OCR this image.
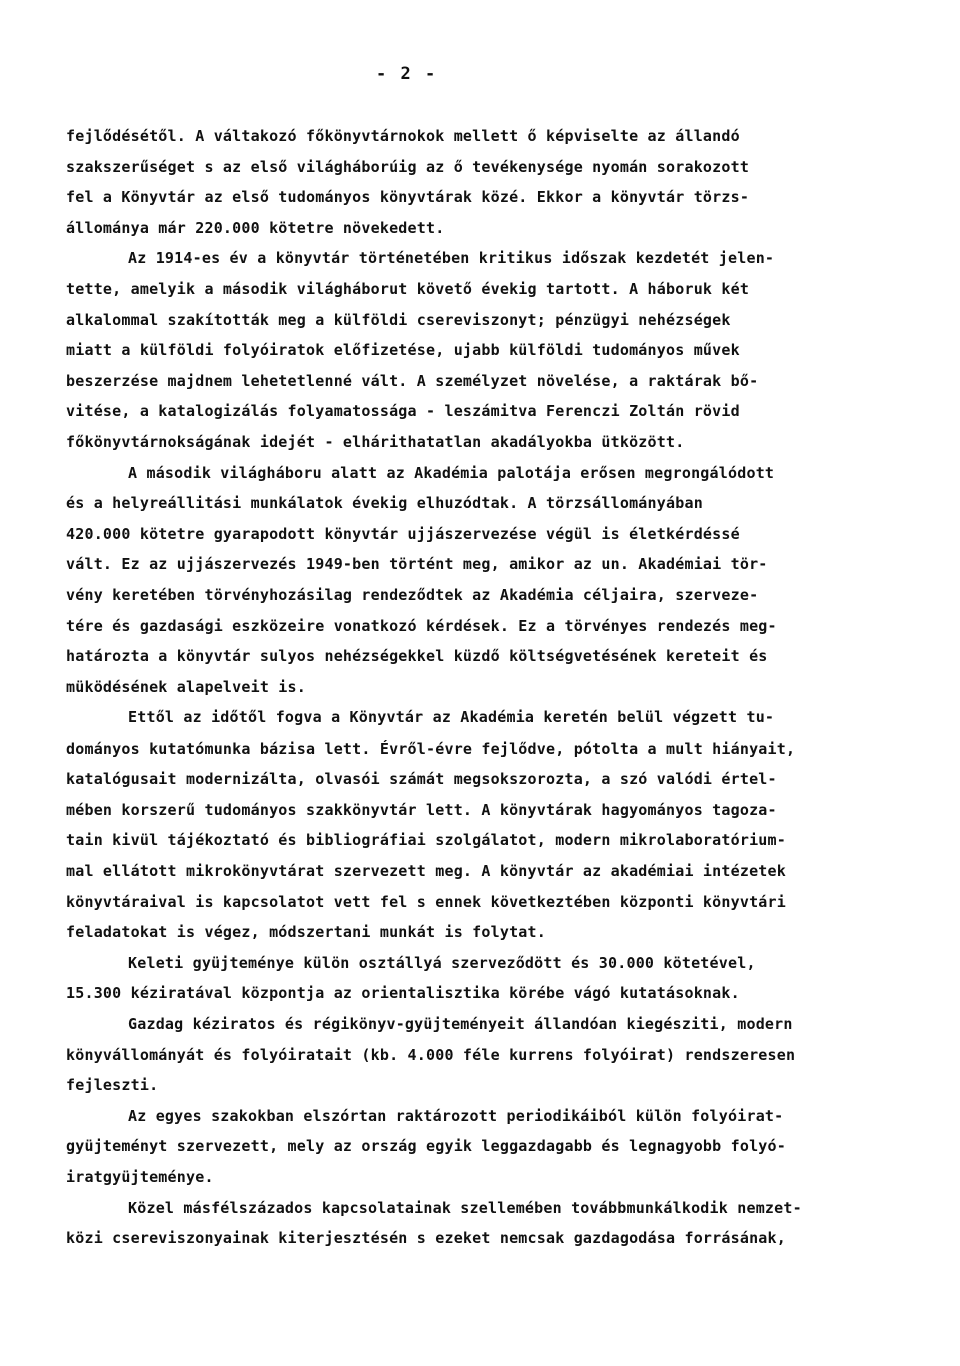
- 2 -
fejlődésétől. A váltakozó főkönyvtárnokok mellett ő képviselte az állandó
szakszerűséget s az első világháborúig az ő tevékenysége nyomán sorakozott
fel a Könyvtár az első tudományos könyvtárak közé. Ekkor a könyvtár törzs-
állománya már 220.000 kötetre növekedett.
Az 1914-es év a könyvtár történetében kritikus időszak kezdetét jelen-
tette, amelyik a második világháborut követő évekig tartott. A háboruk két
alkalommal szakították meg a külföldi csereviszonyt; pénzügyi nehézségek
miatt a külföldi folyóiratok előfizetése, ujabb külföldi tudományos művek
beszerzése majdnem lehetetlenné vált. A személyzet növelése, a raktárak bő-
vitése, a katalogizálás folyamatossága - leszámitva Ferenczi Zoltán rövid
főkönyvtárnokságának idejét - elhárithatatlan akadályokba ütközött.
A második világháboru alatt az Akadémia palotája erősen megrongálódott
és a helyreállitási munkálatok évekig elhuzódtak. A törzsállományában
420.000 kötetre gyarapodott könyvtár ujjászervezése végül is életkérdéssé
vált. Ez az ujjászervezés 1949-ben történt meg, amikor az un. Akadémiai tör-
vény keretében törvényhozásilag rendeződtek az Akadémia céljaira, szervezе-
tére és gazdasági eszközeire vonatkozó kérdések. Ez a törvényes rendezés meg-
határozta a könyvtár sulyos nehézségekkel küzdő költségvetésének kereteit és
müködésének alapelveit is.
Ettől az időtől fogva a Könyvtár az Akadémia keretén belül végzett tu-
dományos kutatómunka bázisa lett. Évről-évre fejlődve, pótolta a mult hiányait,
katalógusait modernizálta, olvasói számát megsokszorozta, a szó valódi értel-
mében korszerű tudományos szakkönyvtár lett. A könyvtárak hagyományos tagoza-
tain kivül tájékoztató és bibliográfiai szolgálatot, modern mikrolaboratórium-
mal ellátott mikrokönyvtárat szervezett meg. A könyvtár az akadémiai intézetek
könyvtáraival is kapcsolatot vett fel s ennek következtében központi könyvtári
feladatokat is végez, módszertani munkát is folytat.
Keleti gyüjteménye külön osztállyá szerveződött és 30.000 kötetével,
15.300 kéziratával központja az orientalisztika körébe vágó kutatásoknak.
Gazdag kéziratos és régikönyv-gyüjteményeit állandóan kiegésziti, modern
könyvállományát és folyóiratait (kb. 4.000 féle kurrens folyóirat) rendszeresen
fejleszti.
Az egyes szakokban elszórtan raktározott periodikáiból külön folyóirat-
gyüjteményt szervezett, mely az ország egyik leggazdagabb és legnagyobb folyó-
iratgyüjteménye.
Közel másfélszázados kapcsolatainak szellemében továbbmunkálkodik nemzet-
közi csereviszonyainak kiterjesztésén s ezeket nemcsak gazdagodása forrásának,
